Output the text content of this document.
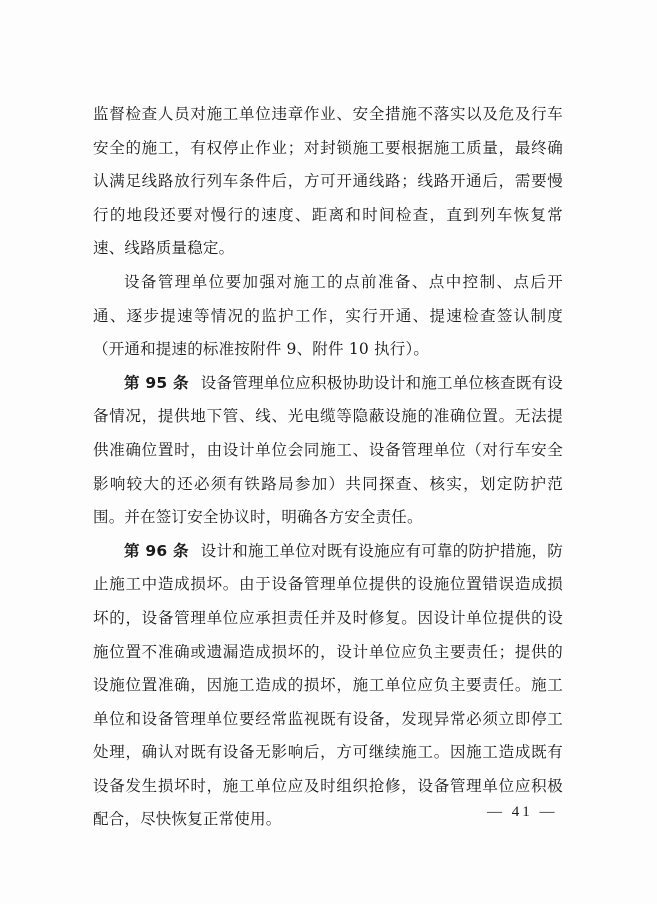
监督检查人员对施工单位违章作业、安全措施不落实以及危及行车安全的施工，有权停止作业；对封锁施工要根据施工质量，最终确认满足线路放行列车条件后，方可开通线路；线路开通后，需要慢行的地段还要对慢行的速度、距离和时间检查，直到列车恢复常速、线路质量稳定。

设备管理单位要加强对施工的点前准备、点中控制、点后开通、逐步提速等情况的监护工作，实行开通、提速检查签认制度（开通和提速的标准按附件 9、附件 10 执行）。

第 95 条 设备管理单位应积极协助设计和施工单位核查既有设备情况，提供地下管、线、光电缆等隐蔽设施的准确位置。无法提供准确位置时，由设计单位会同施工、设备管理单位（对行车安全影响较大的还必须有铁路局参加）共同探查、核实，划定防护范围。并在签订安全协议时，明确各方安全责任。

第 96 条 设计和施工单位对既有设施应有可靠的防护措施，防止施工中造成损坏。由于设备管理单位提供的设施位置错误造成损坏的，设备管理单位应承担责任并及时修复。因设计单位提供的设施位置不准确或遗漏造成损坏的，设计单位应负主要责任；提供的设施位置准确，因施工造成的损坏，施工单位应负主要责任。施工单位和设备管理单位要经常监视既有设备，发现异常必须立即停工处理，确认对既有设备无影响后，方可继续施工。因施工造成既有设备发生损坏时，施工单位应及时组织抢修，设备管理单位应积极配合，尽快恢复正常使用。	— 41 —
